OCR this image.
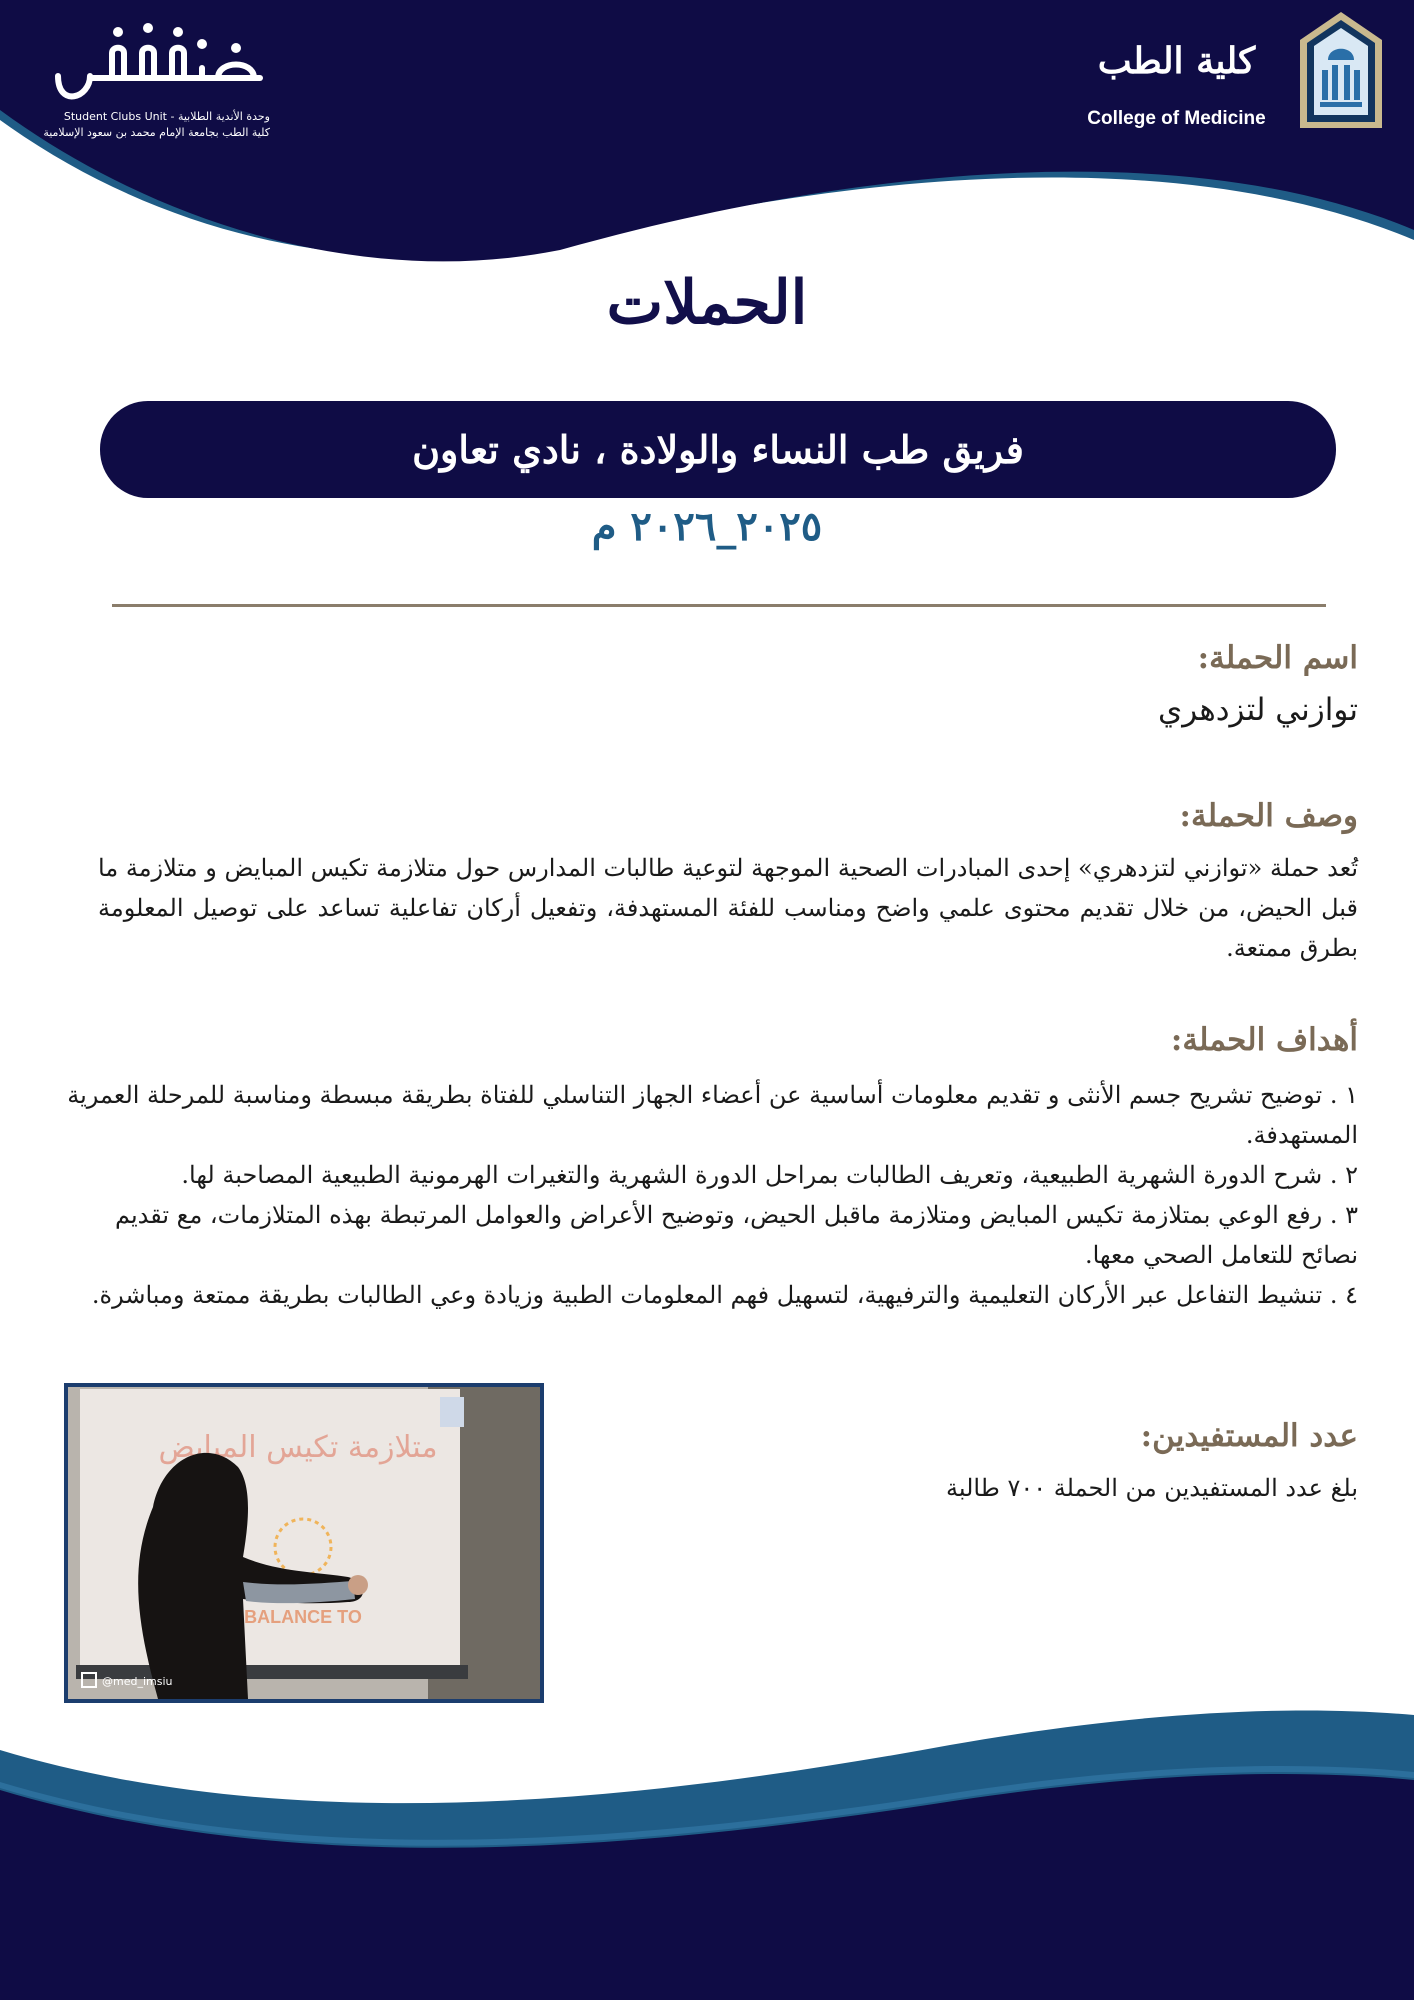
وحدة الأندية الطلابية - Student Clubs Unit
كلية الطب بجامعة الإمام محمد بن سعود الإسلامية
كلية الطب
College of Medicine
الحملات
فريق طب النساء والولادة ، نادي تعاون
٢٠٢٥_٢٠٢٦ م
اسم الحملة:
توازني لتزدهري
وصف الحملة:
تُعد حملة «توازني لتزدهري» إحدى المبادرات الصحية الموجهة لتوعية طالبات المدارس حول متلازمة تكيس المبايض و متلازمة ما قبل الحيض، من خلال تقديم محتوى علمي واضح ومناسب للفئة المستهدفة، وتفعيل أركان تفاعلية تساعد على توصيل المعلومة بطرق ممتعة.
أهداف الحملة:
١ . توضيح تشريح جسم الأنثى و تقديم معلومات أساسية عن أعضاء الجهاز التناسلي للفتاة بطريقة مبسطة ومناسبة للمرحلة العمرية المستهدفة.
٢ . شرح الدورة الشهرية الطبيعية، وتعريف الطالبات بمراحل الدورة الشهرية والتغيرات الهرمونية الطبيعية المصاحبة لها.
٣ . رفع الوعي بمتلازمة تكيس المبايض ومتلازمة ماقبل الحيض، وتوضيح الأعراض والعوامل المرتبطة بهذه المتلازمات، مع تقديم نصائح للتعامل الصحي معها.
٤ . تنشيط التفاعل عبر الأركان التعليمية والترفيهية، لتسهيل فهم المعلومات الطبية وزيادة وعي الطالبات بطريقة ممتعة ومباشرة.
عدد المستفيدين:
بلغ عدد المستفيدين من الحملة ٧٠٠ طالبة
متلازمة تكيس المبايض
BALANCE TO
@med_imsiu
